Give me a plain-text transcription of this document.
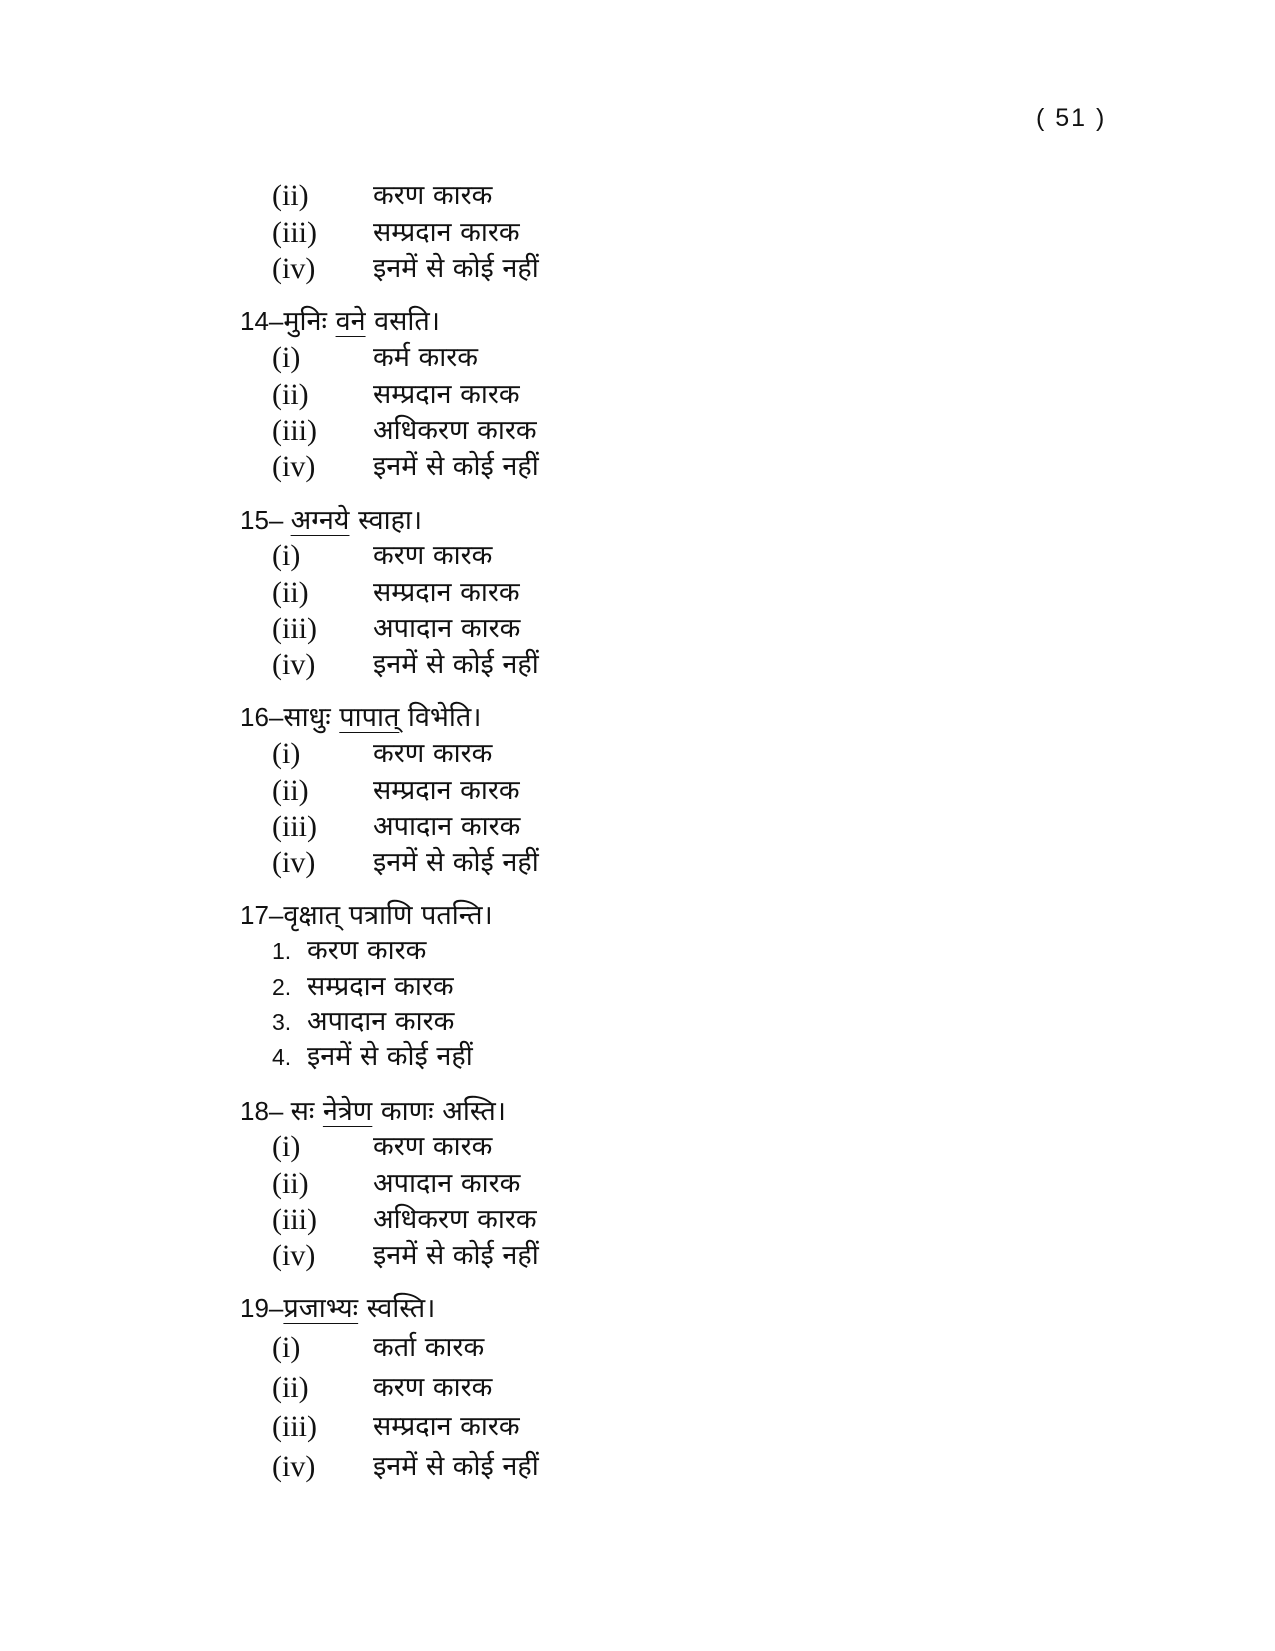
( 51 )
(ii) करण कारक
(iii) सम्प्रदान कारक
(iv) इनमें से कोई नहीं
14–मुनिः वने वसति।
(i)	कर्म कारक
(ii) सम्प्रदान कारक
(iii) अधिकरण कारक
(iv) इनमें से कोई नहीं
15– अग्नये स्वाहा।
(i)	करण कारक
(ii) सम्प्रदान कारक
(iii) अपादान कारक
(iv) इनमें से कोई नहीं
16–साधुः पापात् विभेति।
(i)	करण कारक
(ii) सम्प्रदान कारक
(iii) अपादान कारक
(iv) इनमें से कोई नहीं
17–वृक्षात् पत्राणि पतन्ति।
1. करण कारक
2. सम्प्रदान कारक
3. अपादान कारक
4. इनमें से कोई नहीं
18– सः नेत्रेण काणः अस्ति।
(i)	करण कारक
(ii) अपादान कारक
(iii) अधिकरण कारक
(iv) इनमें से कोई नहीं
19–प्रजाभ्यः स्वस्ति।
(i)	कर्ता कारक
(ii) करण कारक
(iii) सम्प्रदान कारक
(iv) इनमें से कोई नहीं
